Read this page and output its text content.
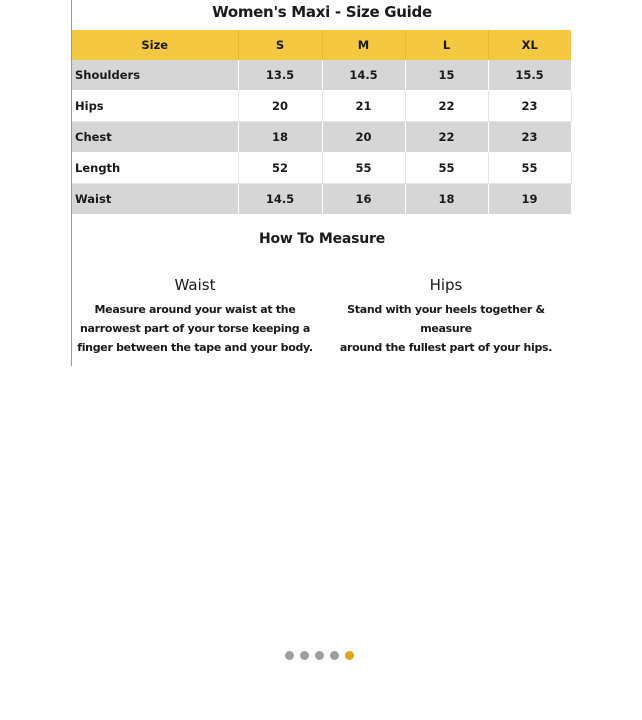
Women's Maxi - Size Guide
Size	S	M	L	XL
Shoulders	13.5	14.5	15	15.5
Hips	20	21	22	23
Chest	18	20	22	23
Length	52	55	55	55
Waist	14.5	16	18	19
How To Measure
Waist
Measure around your waist at the
narrowest part of your torse keeping a
finger between the tape and your body.
Hips
Stand with your heels together & measure
around the fullest part of your hips.
